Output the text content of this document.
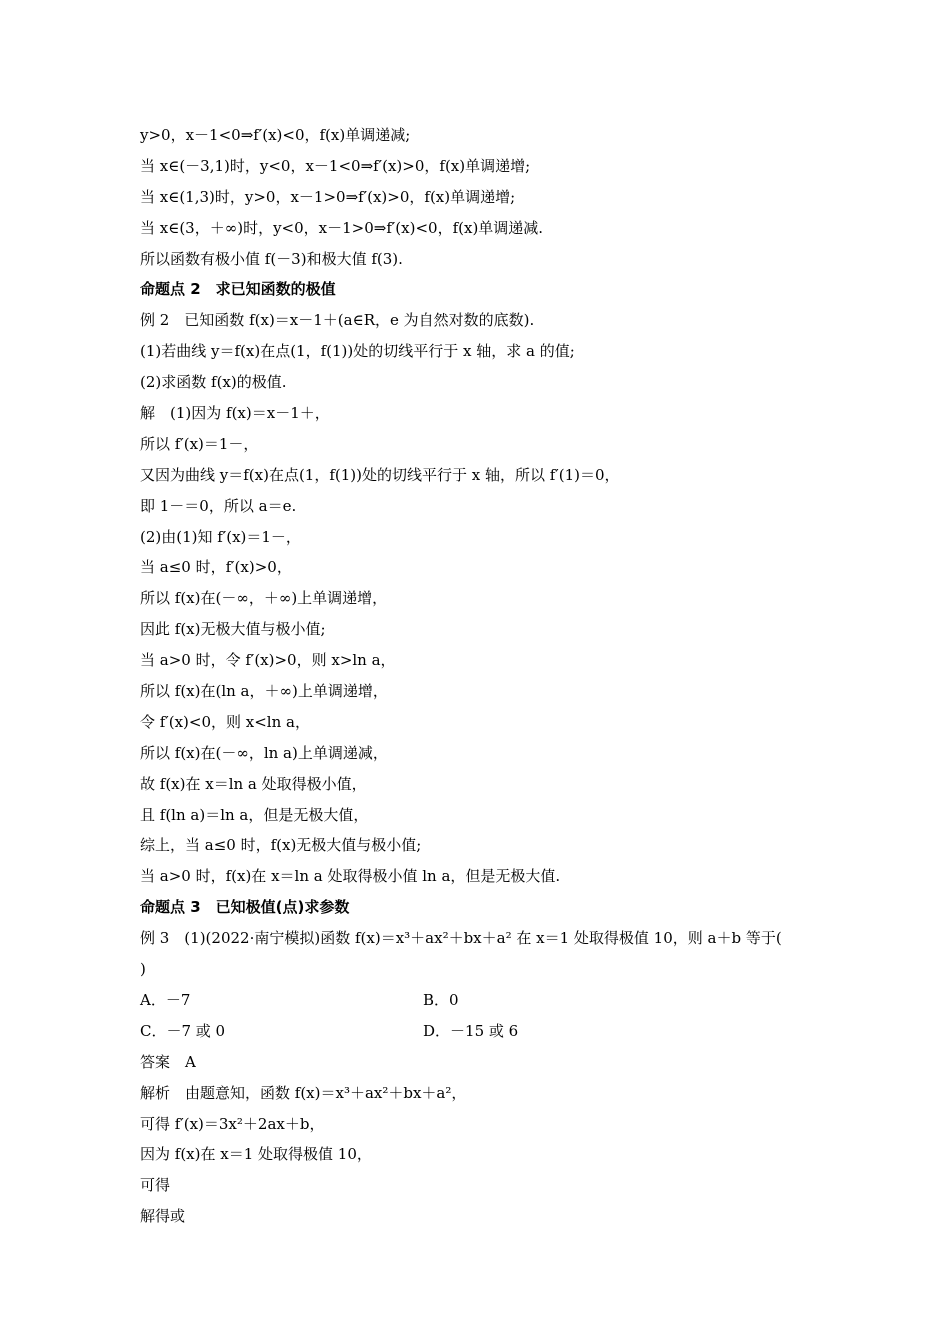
y>0，x－1<0⇒f′(x)<0，f(x)单调递减;
当 x∈(－3,1)时，y<0，x－1<0⇒f′(x)>0，f(x)单调递增;
当 x∈(1,3)时，y>0，x－1>0⇒f′(x)>0，f(x)单调递增;
当 x∈(3，＋∞)时，y<0，x－1>0⇒f′(x)<0，f(x)单调递减.
所以函数有极小值 f(－3)和极大值 f(3).
命题点 2　求已知函数的极值
例 2　已知函数 f(x)＝x－1＋(a∈R，e 为自然对数的底数).
(1)若曲线 y＝f(x)在点(1，f(1))处的切线平行于 x 轴，求 a 的值;
(2)求函数 f(x)的极值.
解　(1)因为 f(x)＝x－1＋，
所以 f′(x)＝1－，
又因为曲线 y＝f(x)在点(1，f(1))处的切线平行于 x 轴，所以 f′(1)＝0，
即 1－＝0，所以 a＝e.
(2)由(1)知 f′(x)＝1－，
当 a≤0 时，f′(x)>0，
所以 f(x)在(－∞，＋∞)上单调递增，
因此 f(x)无极大值与极小值;
当 a>0 时，令 f′(x)>0，则 x>ln a，
所以 f(x)在(ln a，＋∞)上单调递增，
令 f′(x)<0，则 x<ln a，
所以 f(x)在(－∞，ln a)上单调递减，
故 f(x)在 x＝ln a 处取得极小值，
且 f(ln a)＝ln a，但是无极大值，
综上，当 a≤0 时，f(x)无极大值与极小值;
当 a>0 时，f(x)在 x＝ln a 处取得极小值 ln a，但是无极大值.
命题点 3　已知极值(点)求参数
例 3　(1)(2022·南宁模拟)函数 f(x)＝x³＋ax²＋bx＋a² 在 x＝1 处取得极值 10，则 a＋b 等于(
)
A．－7	B．0
C．－7 或 0	D．－15 或 6
答案　A
解析　由题意知，函数 f(x)＝x³＋ax²＋bx＋a²，
可得 f′(x)＝3x²＋2ax＋b，
因为 f(x)在 x＝1 处取得极值 10，
可得
解得或
